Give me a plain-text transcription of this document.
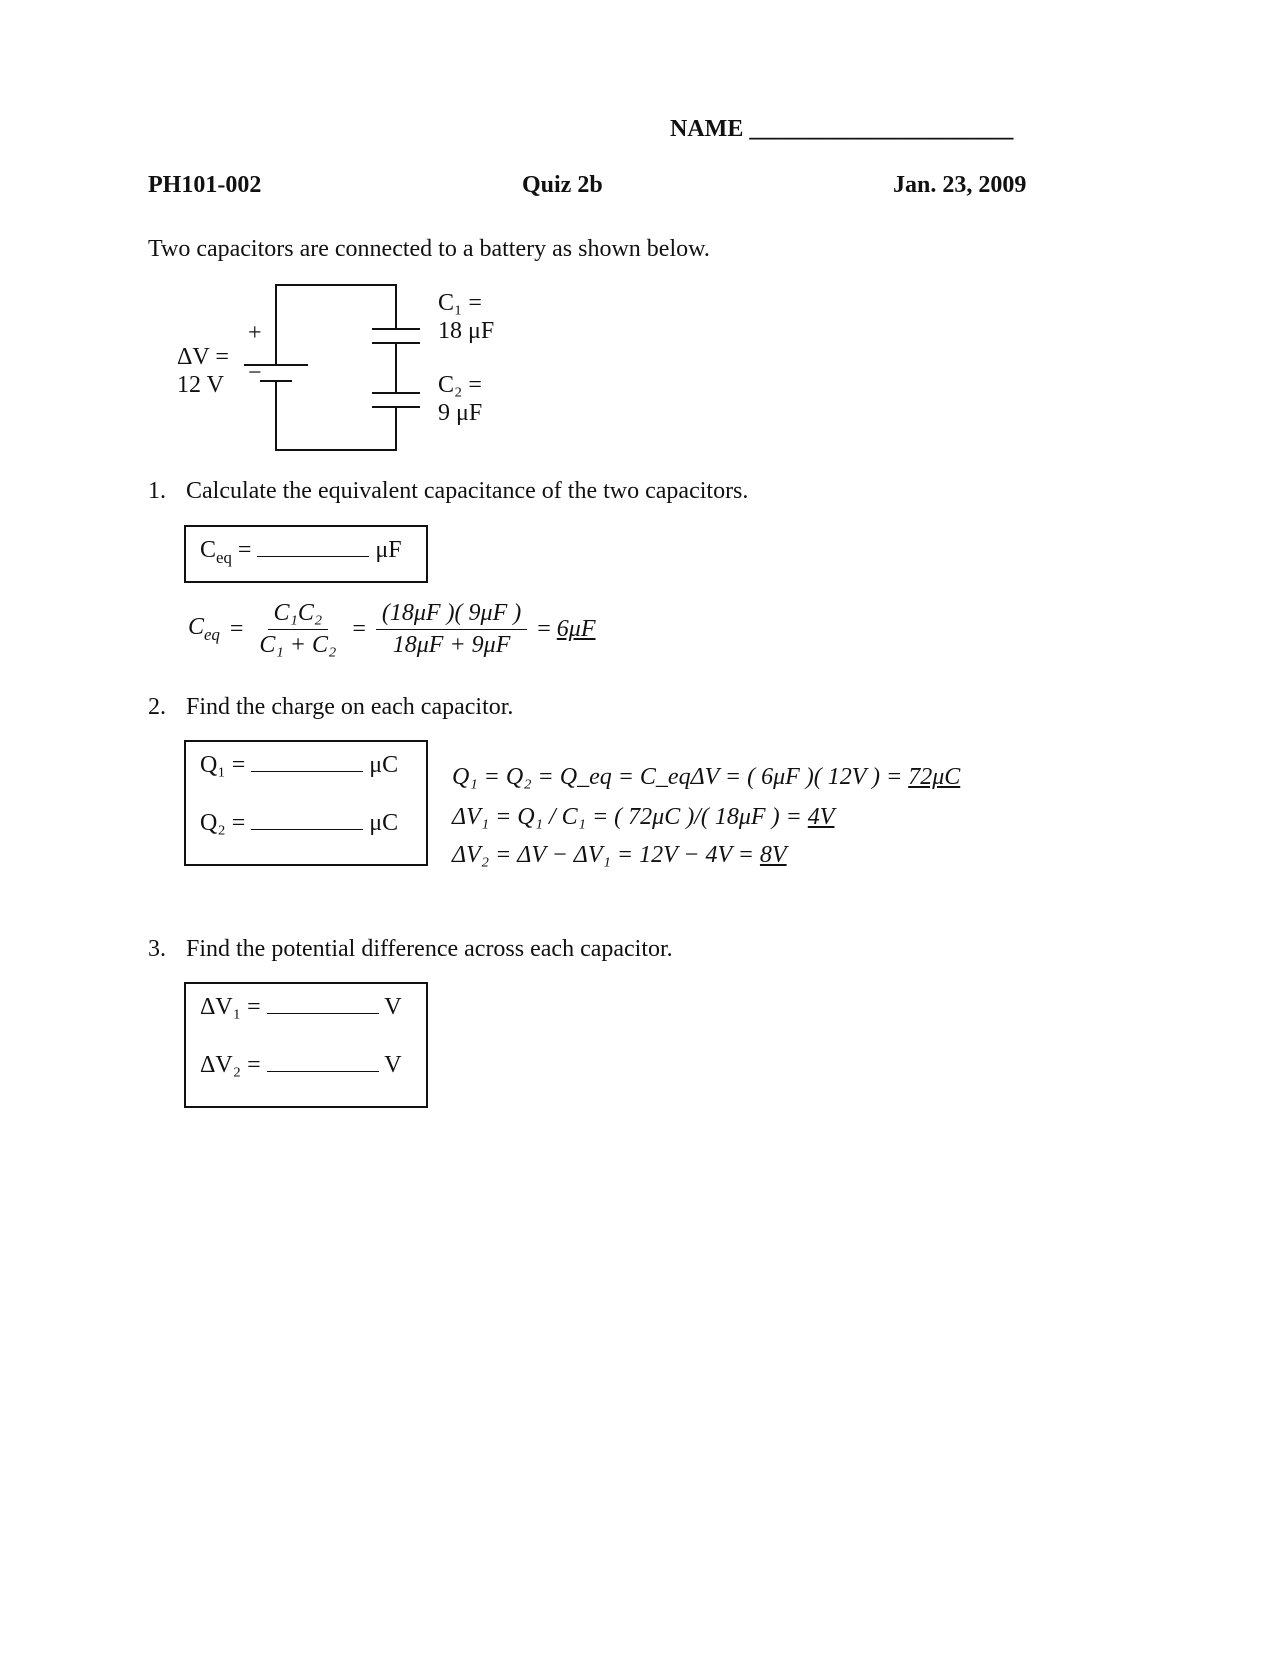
NAME ______________________
PH101-002	Quiz 2b	Jan. 23, 2009
Two capacitors are connected to a battery as shown below.
+
−
ΔV =
12 V
C₁ =
18 μF
C₂ =
9 μF
1. Calculate the equivalent capacitance of the two capacitors.
$C_{eq}$ =	μF
$C_{eq} = \frac{\text{C₁C₂}}{\text{C₁ + C₂}} = \frac{(18\mu F )( 9\mu F )}{18\mu F + 9\mu F} = 6\mu F$
2. Find the charge on each capacitor.
Q₁ =	μC
Q₂ =	μC
Q₁ = Q₂ = Q_eq = C_eqΔV = ( 6μF )( 12V ) = 72μC
ΔV₁ = Q₁ / C₁ = ( 72μC )/( 18μF ) = 4V
ΔV₂ = ΔV − ΔV₁ = 12V − 4V = 8V
3. Find the potential difference across each capacitor.
ΔV₁ =	V
ΔV₂ =	V
